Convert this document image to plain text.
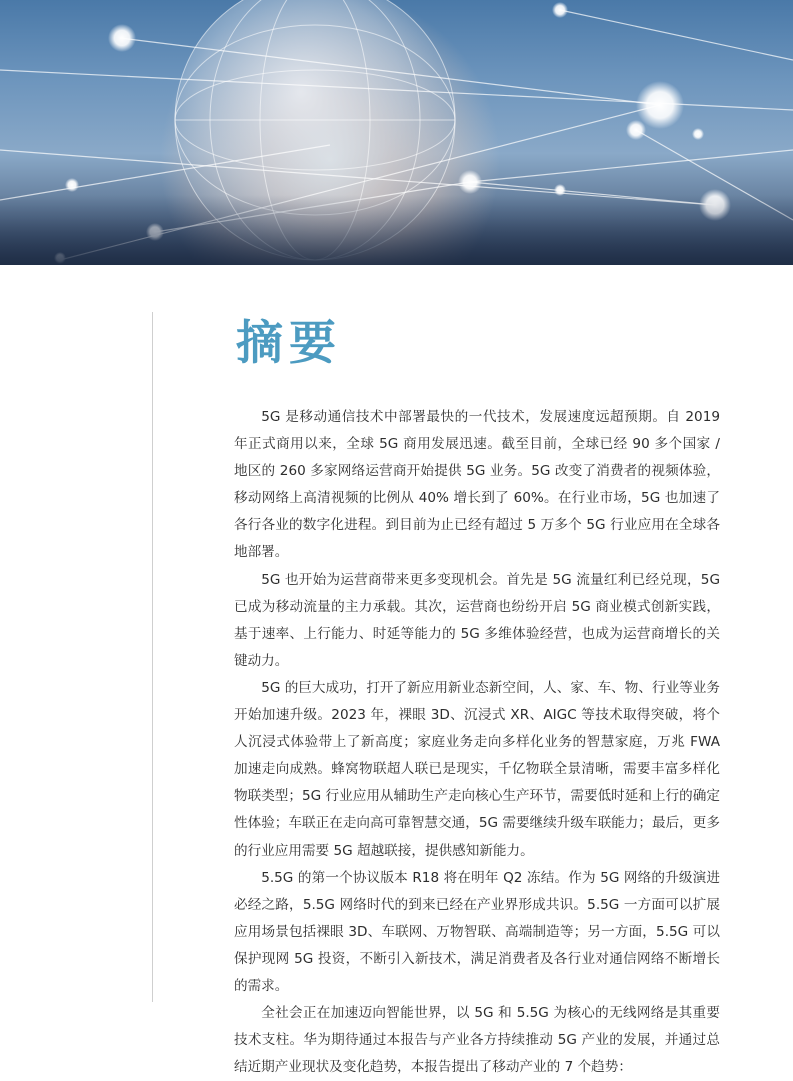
摘要

5G 是移动通信技术中部署最快的一代技术，发展速度远超预期。自 2019 年正式商用以来，全球 5G 商用发展迅速。截至目前，全球已经 90 多个国家 / 地区的 260 多家网络运营商开始提供 5G 业务。5G 改变了消费者的视频体验，移动网络上高清视频的比例从 40% 增长到了 60%。在行业市场，5G 也加速了各行各业的数字化进程。到目前为止已经有超过 5 万多个 5G 行业应用在全球各地部署。

5G 也开始为运营商带来更多变现机会。首先是 5G 流量红利已经兑现，5G 已成为移动流量的主力承载。其次，运营商也纷纷开启 5G 商业模式创新实践，基于速率、上行能力、时延等能力的 5G 多维体验经营，也成为运营商增长的关键动力。

5G 的巨大成功，打开了新应用新业态新空间，人、家、车、物、行业等业务开始加速升级。2023 年，裸眼 3D、沉浸式 XR、AIGC 等技术取得突破，将个人沉浸式体验带上了新高度；家庭业务走向多样化业务的智慧家庭，万兆 FWA 加速走向成熟。蜂窝物联超人联已是现实，千亿物联全景清晰，需要丰富多样化物联类型；5G 行业应用从辅助生产走向核心生产环节，需要低时延和上行的确定性体验；车联正在走向高可靠智慧交通，5G 需要继续升级车联能力；最后，更多的行业应用需要 5G 超越联接，提供感知新能力。

5.5G 的第一个协议版本 R18 将在明年 Q2 冻结。作为 5G 网络的升级演进必经之路，5.5G 网络时代的到来已经在产业界形成共识。5.5G 一方面可以扩展应用场景包括裸眼 3D、车联网、万物智联、高端制造等；另一方面，5.5G 可以保护现网 5G 投资，不断引入新技术，满足消费者及各行业对通信网络不断增长的需求。

全社会正在加速迈向智能世界，以 5G 和 5.5G 为核心的无线网络是其重要技术支柱。华为期待通过本报告与产业各方持续推动 5G 产业的发展，并通过总结近期产业现状及变化趋势，本报告提出了移动产业的 7 个趋势：
